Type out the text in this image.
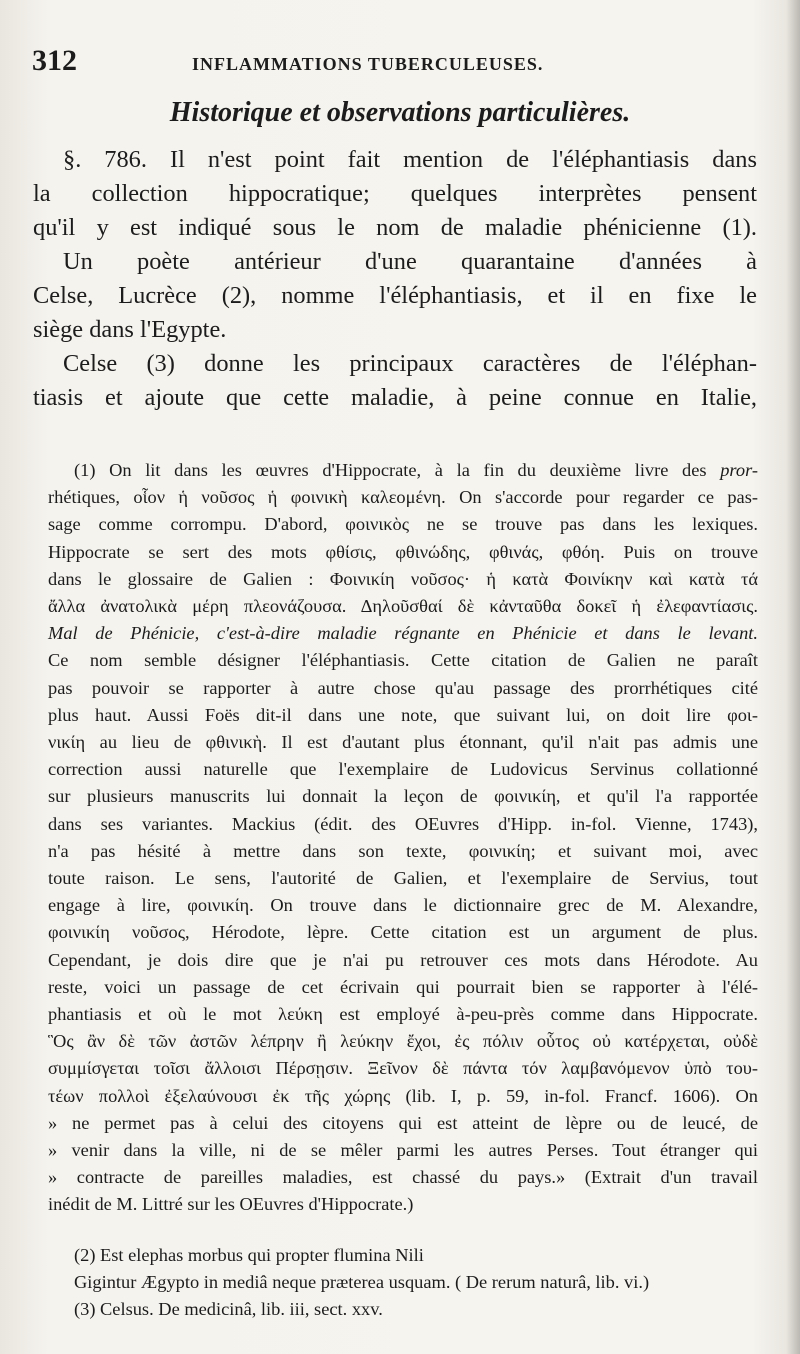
312	INFLAMMATIONS TUBERCULEUSES.
Historique et observations particulières.

§. 786. Il n'est point fait mention de l'éléphantiasis dans
la collection hippocratique; quelques interprètes pensent
qu'il y est indiqué sous le nom de maladie phénicienne (1).

Un poète antérieur d'une quarantaine d'années à
Celse, Lucrèce (2), nomme l'éléphantiasis, et il en fixe le
siège dans l'Egypte.

Celse (3) donne les principaux caractères de l'éléphan-
tiasis et ajoute que cette maladie, à peine connue en Italie,

(1) On lit dans les œuvres d'Hippocrate, à la fin du deuxième livre des pror-
rhétiques, οἷον ἡ νοῦσος ἡ φοινικὴ καλεομένη. On s'accorde pour regarder ce pas-
sage comme corrompu. D'abord, φοινικὸς ne se trouve pas dans les lexiques.
Hippocrate se sert des mots φθίσις, φθινώδης, φθινάς, φθόη. Puis on trouve
dans le glossaire de Galien : Φοινικίη νοῦσος· ἡ κατὰ Φοινίκην καὶ κατὰ τά
ἄλλα ἀνατολικὰ μέρη πλεονάζουσα. Δηλοῦσθαί δὲ κἀνταῦθα δοκεῖ ἡ ἐλεφαντίασις.
Mal de Phénicie, c'est-à-dire maladie régnante en Phénicie et dans le levant.
Ce nom semble désigner l'éléphantiasis. Cette citation de Galien ne paraît
pas pouvoir se rapporter à autre chose qu'au passage des prorrhétiques cité
plus haut. Aussi Foës dit-il dans une note, que suivant lui, on doit lire φοι-
νικίη au lieu de φθινικὴ. Il est d'autant plus étonnant, qu'il n'ait pas admis une
correction aussi naturelle que l'exemplaire de Ludovicus Servinus collationné
sur plusieurs manuscrits lui donnait la leçon de φοινικίη, et qu'il l'a rapportée
dans ses variantes. Mackius (édit. des OEuvres d'Hipp. in-fol. Vienne, 1743),
n'a pas hésité à mettre dans son texte, φοινικίη; et suivant moi, avec
toute raison. Le sens, l'autorité de Galien, et l'exemplaire de Servius, tout
engage à lire, φοινικίη. On trouve dans le dictionnaire grec de M. Alexandre,
φοινικίη νοῦσος, Hérodote, lèpre. Cette citation est un argument de plus.
Cependant, je dois dire que je n'ai pu retrouver ces mots dans Hérodote. Au
reste, voici un passage de cet écrivain qui pourrait bien se rapporter à l'élé-
phantiasis et où le mot λεύκη est employé à-peu-près comme dans Hippocrate.
Ὃς ἂν δὲ τῶν ἀστῶν λέπρην ἢ λεύκην ἔχοι, ἐς πόλιν οὗτος οὐ κατέρχεται, οὐδὲ
συμμίσγεται τοῖσι ἄλλοισι Πέρσῃσιν. Ξεῖνον δὲ πάντα τόν λαμβανόμενον ὑπὸ του-
τέων πολλοὶ ἐξελαύνουσι ἐκ τῆς χώρης (lib. I, p. 59, in-fol. Francf. 1606). On
» ne permet pas à celui des citoyens qui est atteint de lèpre ou de leucé, de
» venir dans la ville, ni de se mêler parmi les autres Perses. Tout étranger qui
» contracte de pareilles maladies, est chassé du pays.» (Extrait d'un travail
inédit de M. Littré sur les OEuvres d'Hippocrate.)
(2) Est elephas morbus qui propter flumina Nili
Gigintur Ægypto in mediâ neque præterea usquam. ( De rerum naturâ, lib. vi.)
(3) Celsus. De medicinâ, lib. iii, sect. xxv.
